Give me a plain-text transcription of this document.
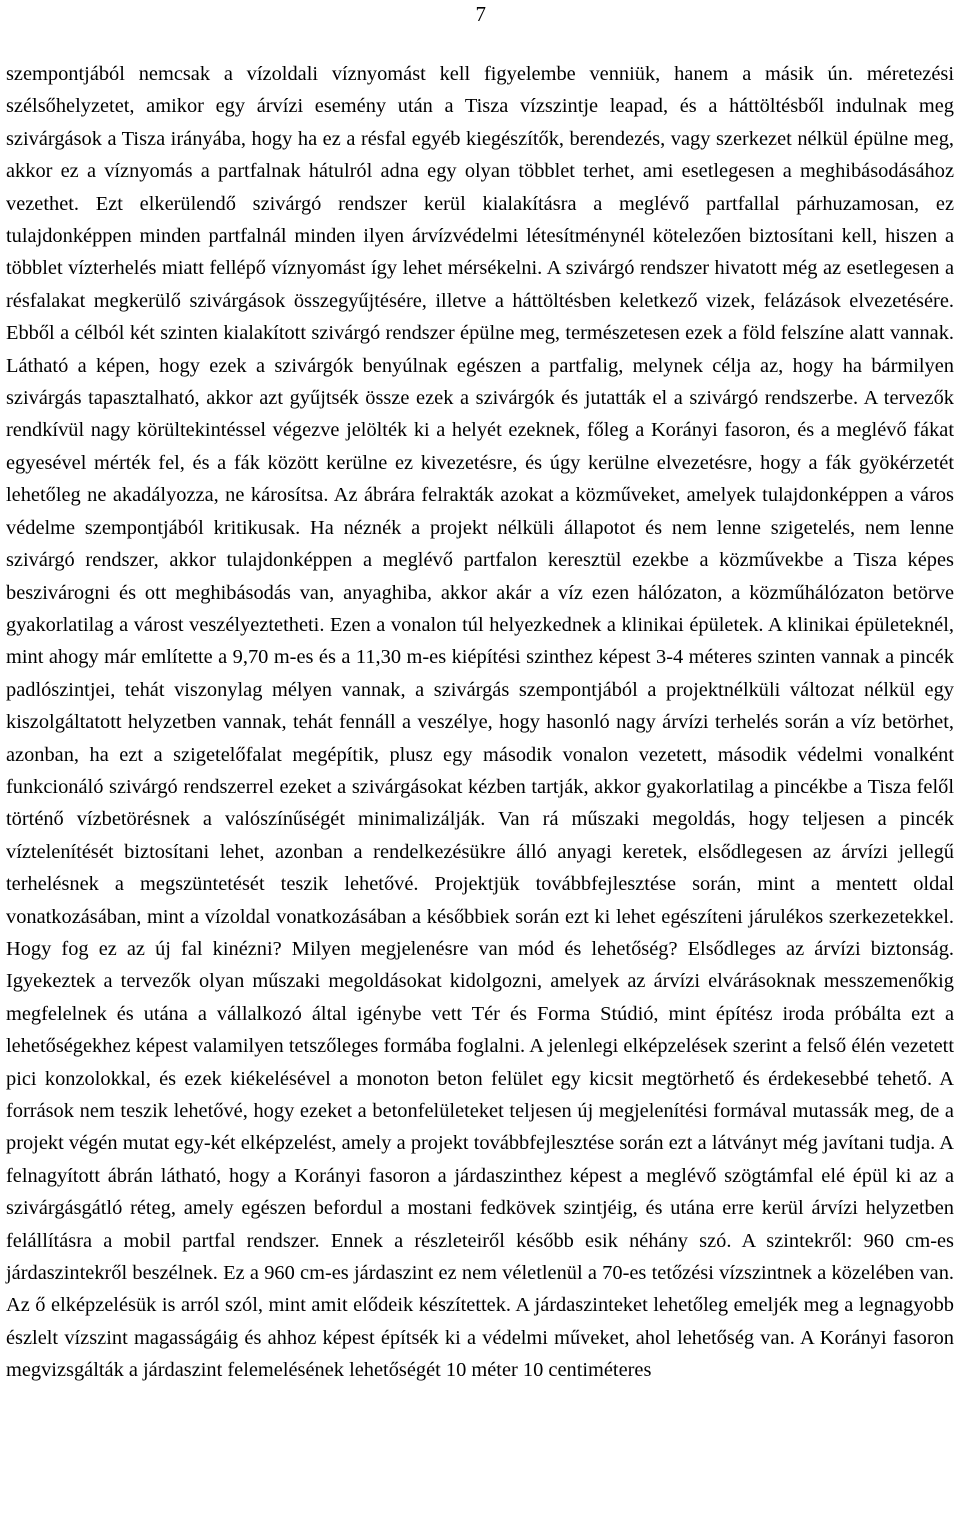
7

szempontjából nemcsak a vízoldali víznyomást kell figyelembe venniük, hanem a másik ún. méretezési szélsőhelyzetet, amikor egy árvízi esemény után a Tisza vízszintje leapad, és a háttöltésből indulnak meg szivárgások a Tisza irányába, hogy ha ez a résfal egyéb kiegészítők, berendezés, vagy szerkezet nélkül épülne meg, akkor ez a víznyomás a partfalnak hátulról adna egy olyan többlet terhet, ami esetlegesen a meghibásodásához vezethet. Ezt elkerülendő szivárgó rendszer kerül kialakításra a meglévő partfallal párhuzamosan, ez tulajdonképpen minden partfalnál minden ilyen árvízvédelmi létesítménynél kötelezően biztosítani kell, hiszen a többlet vízterhelés miatt fellépő víznyomást így lehet mérsékelni. A szivárgó rendszer hivatott még az esetlegesen a résfalakat megkerülő szivárgások összegyűjtésére, illetve a háttöltésben keletkező vizek, felázások elvezetésére. Ebből a célból két szinten kialakított szivárgó rendszer épülne meg, természetesen ezek a föld felszíne alatt vannak. Látható a képen, hogy ezek a szivárgók benyúlnak egészen a partfalig, melynek célja az, hogy ha bármilyen szivárgás tapasztalható, akkor azt gyűjtsék össze ezek a szivárgók és jutatták el a szivárgó rendszerbe. A tervezők rendkívül nagy körültekintéssel végezve jelölték ki a helyét ezeknek, főleg a Korányi fasoron, és a meglévő fákat egyesével mérték fel, és a fák között kerülne ez kivezetésre, és úgy kerülne elvezetésre, hogy a fák gyökérzetét lehetőleg ne akadályozza, ne károsítsa. Az ábrára felrakták azokat a közműveket, amelyek tulajdonképpen a város védelme szempontjából kritikusak. Ha néznék a projekt nélküli állapotot és nem lenne szigetelés, nem lenne szivárgó rendszer, akkor tulajdonképpen a meglévő partfalon keresztül ezekbe a közművekbe a Tisza képes beszivárogni és ott meghibásodás van, anyaghiba, akkor akár a víz ezen hálózaton, a közműhálózaton betörve gyakorlatilag a várost veszélyeztetheti. Ezen a vonalon túl helyezkednek a klinikai épületek. A klinikai épületeknél, mint ahogy már említette a 9,70 m-es és a 11,30 m-es kiépítési szinthez képest 3-4 méteres szinten vannak a pincék padlószintjei, tehát viszonylag mélyen vannak, a szivárgás szempontjából a projektnélküli változat nélkül egy kiszolgáltatott helyzetben vannak, tehát fennáll a veszélye, hogy hasonló nagy árvízi terhelés során a víz betörhet, azonban, ha ezt a szigetelőfalat megépítik, plusz egy második vonalon vezetett, második védelmi vonalként funkcionáló szivárgó rendszerrel ezeket a szivárgásokat kézben tartják, akkor gyakorlatilag a pincékbe a Tisza felől történő vízbetörésnek a valószínűségét minimalizálják. Van rá műszaki megoldás, hogy teljesen a pincék víztelenítését biztosítani lehet, azonban a rendelkezésükre álló anyagi keretek, elsődlegesen az árvízi jellegű terhelésnek a megszüntetését teszik lehetővé. Projektjük továbbfejlesztése során, mint a mentett oldal vonatkozásában, mint a vízoldal vonatkozásában a későbbiek során ezt ki lehet egészíteni járulékos szerkezetekkel. Hogy fog ez az új fal kinézni? Milyen megjelenésre van mód és lehetőség? Elsődleges az árvízi biztonság. Igyekeztek a tervezők olyan műszaki megoldásokat kidolgozni, amelyek az árvízi elvárásoknak messzemenőkig megfelelnek és utána a vállalkozó által igénybe vett Tér és Forma Stúdió, mint építész iroda próbálta ezt a lehetőségekhez képest valamilyen tetszőleges formába foglalni. A jelenlegi elképzelések szerint a felső élén vezetett pici konzolokkal, és ezek kiékelésével a monoton beton felület egy kicsit megtörhető és érdekesebbé tehető. A források nem teszik lehetővé, hogy ezeket a betonfelületeket teljesen új megjelenítési formával mutassák meg, de a projekt végén mutat egy-két elképzelést, amely a projekt továbbfejlesztése során ezt a látványt még javítani tudja. A felnagyított ábrán látható, hogy a Korányi fasoron a járdaszinthez képest a meglévő szögtámfal elé épül ki az a szivárgásgátló réteg, amely egészen befordul a mostani fedkövek szintjéig, és utána erre kerül árvízi helyzetben felállításra a mobil partfal rendszer. Ennek a részleteiről később esik néhány szó. A szintekről: 960 cm-es járdaszintekről beszélnek. Ez a 960 cm-es járdaszint ez nem véletlenül a 70-es tetőzési vízszintnek a közelében van. Az ő elképzelésük is arról szól, mint amit elődeik készítettek. A járdaszinteket lehetőleg emeljék meg a legnagyobb észlelt vízszint magasságáig és ahhoz képest építsék ki a védelmi műveket, ahol lehetőség van. A Korányi fasoron megvizsgálták a járdaszint felemelésének lehetőségét 10 méter 10 centiméteres
